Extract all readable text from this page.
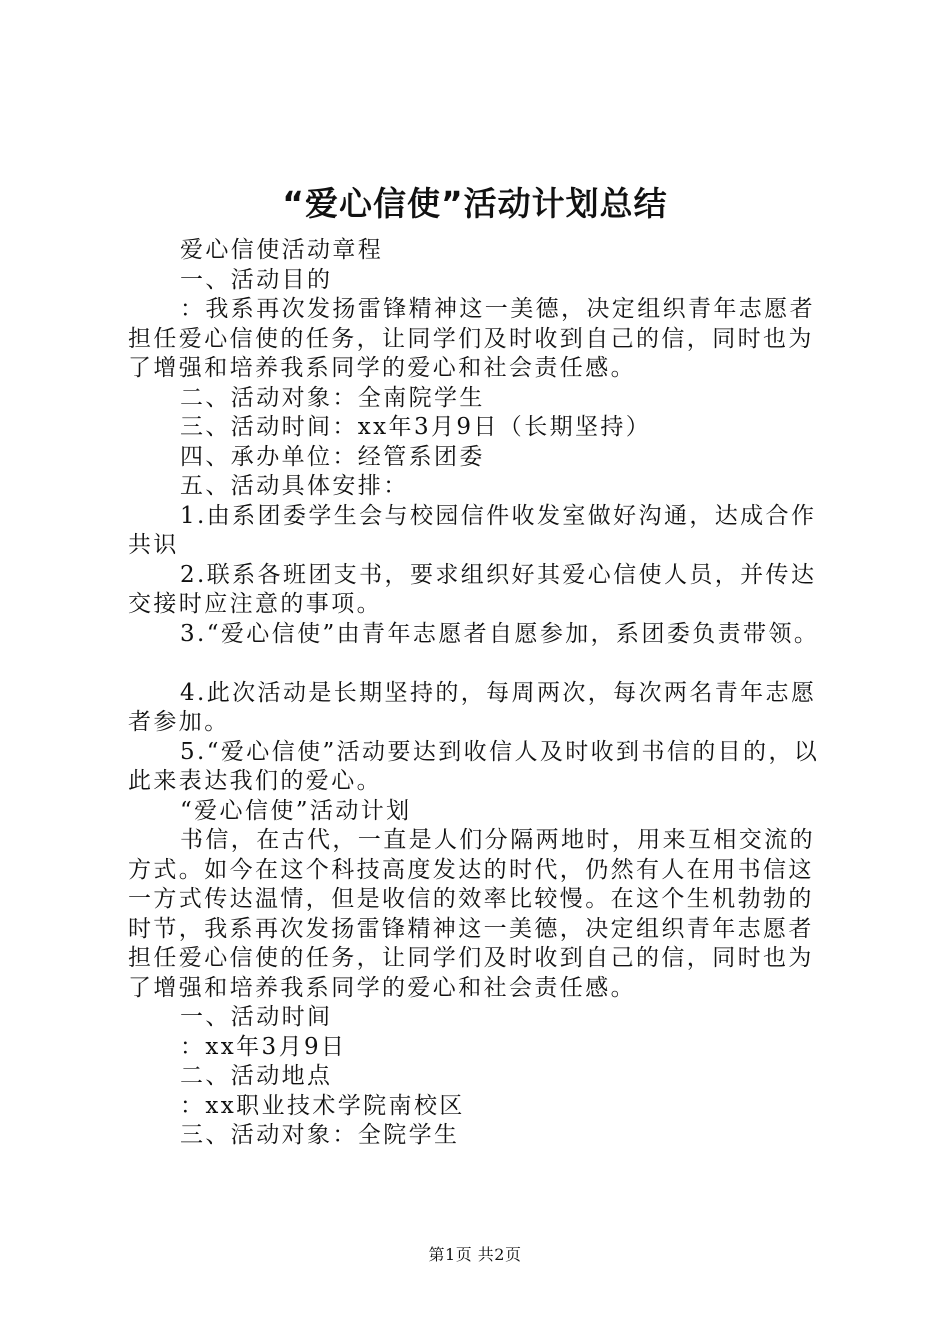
“爱心信使”活动计划总结

爱心信使活动章程

一、活动目的

：我系再次发扬雷锋精神这一美德，决定组织青年志愿者担任爱心信使的任务，让同学们及时收到自己的信，同时也为了增强和培养我系同学的爱心和社会责任感。

二、活动对象：全南院学生

三、活动时间：xx年3月9日（长期坚持）

四、承办单位：经管系团委

五、活动具体安排：

1.由系团委学生会与校园信件收发室做好沟通，达成合作共识

2.联系各班团支书，要求组织好其爱心信使人员，并传达交接时应注意的事项。

3.“爱心信使”由青年志愿者自愿参加，系团委负责带领。

4.此次活动是长期坚持的，每周两次，每次两名青年志愿者参加。

5.“爱心信使”活动要达到收信人及时收到书信的目的，以此来表达我们的爱心。

“爱心信使”活动计划

书信，在古代，一直是人们分隔两地时，用来互相交流的方式。如今在这个科技高度发达的时代，仍然有人在用书信这一方式传达温情，但是收信的效率比较慢。在这个生机勃勃的时节，我系再次发扬雷锋精神这一美德，决定组织青年志愿者担任爱心信使的任务，让同学们及时收到自己的信，同时也为了增强和培养我系同学的爱心和社会责任感。

一、活动时间

：xx年3月9日

二、活动地点

：xx职业技术学院南校区

三、活动对象：全院学生

第1页 共2页
